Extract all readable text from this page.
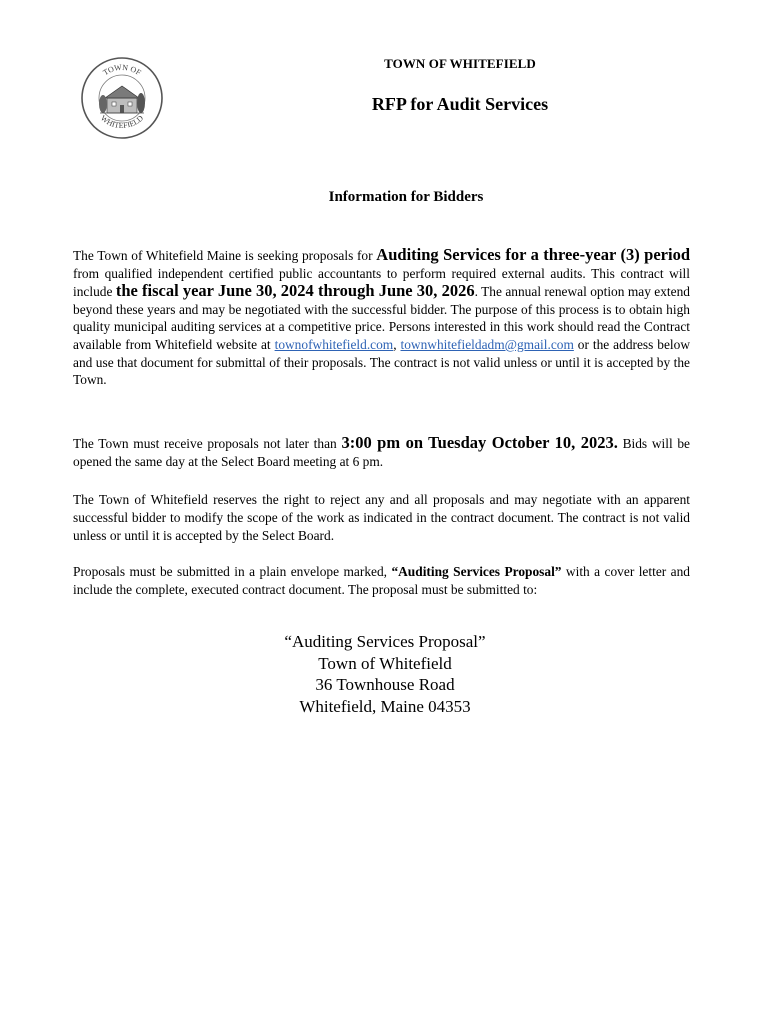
TOWN OF
WHITEFIELD
TOWN OF WHITEFIELD
RFP for Audit Services
Information for Bidders

The Town of Whitefield Maine is seeking proposals for Auditing Services for a three-year (3) period from qualified independent certified public accountants to perform required external audits. This contract will include the fiscal year June 30, 2024 through June 30, 2026. The annual renewal option may extend beyond these years and may be negotiated with the successful bidder. The purpose of this process is to obtain high quality municipal auditing services at a competitive price. Persons interested in this work should read the Contract available from Whitefield website at townofwhitefield.com, townwhitefieldadm@gmail.com or the address below and use that document for submittal of their proposals. The contract is not valid unless or until it is accepted by the Town.

The Town must receive proposals not later than 3:00 pm on Tuesday October 10, 2023. Bids will be opened the same day at the Select Board meeting at 6 pm.

The Town of Whitefield reserves the right to reject any and all proposals and may negotiate with an apparent successful bidder to modify the scope of the work as indicated in the contract document. The contract is not valid unless or until it is accepted by the Select Board.

Proposals must be submitted in a plain envelope marked, “Auditing Services Proposal” with a cover letter and include the complete, executed contract document. The proposal must be submitted to:

“Auditing Services Proposal”
Town of Whitefield
36 Townhouse Road
Whitefield, Maine 04353
